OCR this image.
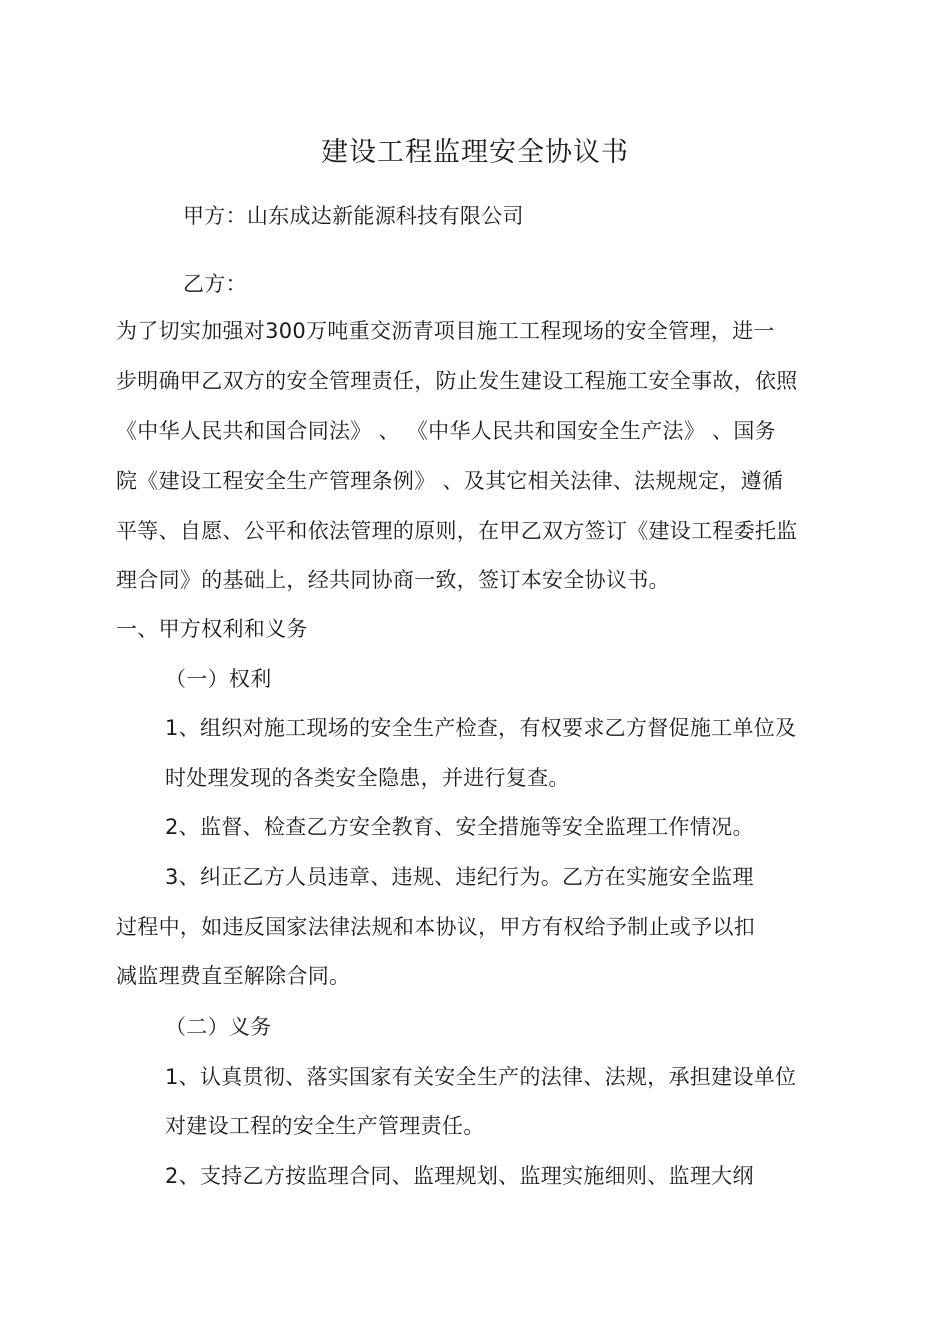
建设工程监理安全协议书
甲方：山东成达新能源科技有限公司
乙方：
为了切实加强对300万吨重交沥青项目施工工程现场的安全管理，进一
步明确甲乙双方的安全管理责任，防止发生建设工程施工安全事故，依照
《中华人民共和国合同法》 、 《中华人民共和国安全生产法》 、国务
院《建设工程安全生产管理条例》 、及其它相关法律、法规规定，遵循
平等、自愿、公平和依法管理的原则，在甲乙双方签订《建设工程委托监
理合同》的基础上，经共同协商一致，签订本安全协议书。
一、甲方权利和义务
（一）权利
1、组织对施工现场的安全生产检查，有权要求乙方督促施工单位及
时处理发现的各类安全隐患，并进行复查。
2、监督、检查乙方安全教育、安全措施等安全监理工作情况。
3、纠正乙方人员违章、违规、违纪行为。乙方在实施安全监理
过程中，如违反国家法律法规和本协议，甲方有权给予制止或予以扣
减监理费直至解除合同。
（二）义务
1、认真贯彻、落实国家有关安全生产的法律、法规，承担建设单位
对建设工程的安全生产管理责任。
2、支持乙方按监理合同、监理规划、监理实施细则、监理大纲
